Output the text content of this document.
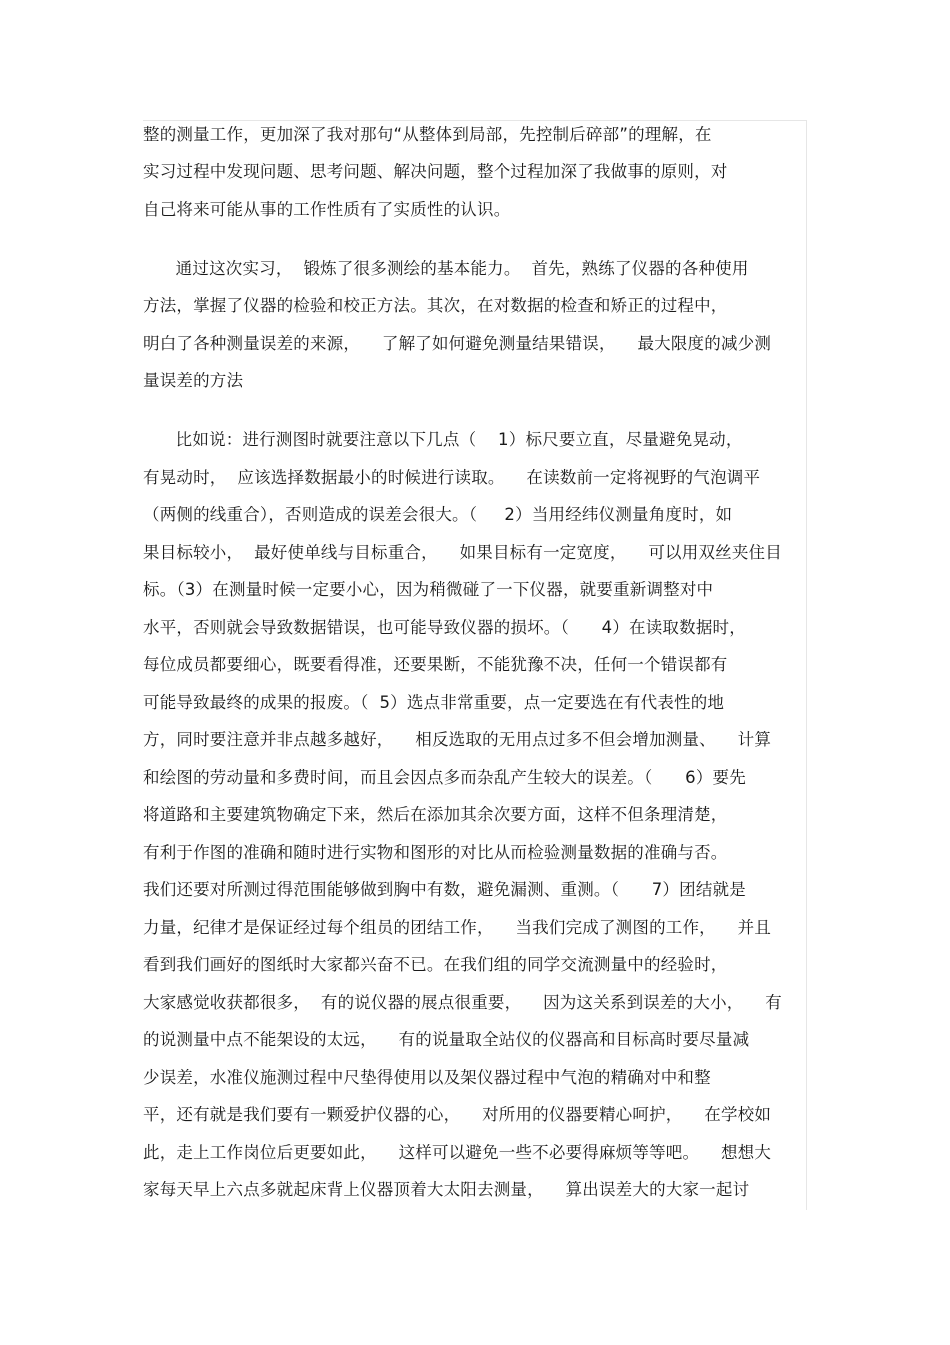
整的测量工作，更加深了我对那句“从整体到局部，先控制后碎部”的理解，在
实习过程中发现问题、思考问题、解决问题，整个过程加深了我做事的原则，对
自己将来可能从事的工作性质有了实质性的认识。
通过这次实习，  锻炼了很多测绘的基本能力。  首先，熟练了仪器的各种使用
方法，掌握了仪器的检验和校正方法。其次，在对数据的检查和矫正的过程中，
明白了各种测量误差的来源，    了解了如何避免测量结果错误，    最大限度的减少测
量误差的方法
比如说：进行测图时就要注意以下几点（    1）标尺要立直，尽量避免晃动，
有晃动时，  应该选择数据最小的时候进行读取。    在读数前一定将视野的气泡调平
（两侧的线重合），否则造成的误差会很大。（     2）当用经纬仪测量角度时，如
果目标较小，  最好使单线与目标重合，    如果目标有一定宽度，    可以用双丝夹住目
标。（3）在测量时候一定要小心，因为稍微碰了一下仪器，就要重新调整对中
水平，否则就会导致数据错误，也可能导致仪器的损坏。（      4）在读取数据时，
每位成员都要细心，既要看得准，还要果断，不能犹豫不决，任何一个错误都有
可能导致最终的成果的报废。（  5）选点非常重要，点一定要选在有代表性的地
方，同时要注意并非点越多越好，    相反选取的无用点过多不但会增加测量、    计算
和绘图的劳动量和多费时间，而且会因点多而杂乱产生较大的误差。（      6）要先
将道路和主要建筑物确定下来，然后在添加其余次要方面，这样不但条理清楚，
有利于作图的准确和随时进行实物和图形的对比从而检验测量数据的准确与否。
我们还要对所测过得范围能够做到胸中有数，避免漏测、重测。（      7）团结就是
力量，纪律才是保证经过每个组员的团结工作，    当我们完成了测图的工作，    并且
看到我们画好的图纸时大家都兴奋不已。在我们组的同学交流测量中的经验时，
大家感觉收获都很多，  有的说仪器的展点很重要，    因为这关系到误差的大小，    有
的说测量中点不能架设的太远，    有的说量取全站仪的仪器高和目标高时要尽量减
少误差，水准仪施测过程中尺垫得使用以及架仪器过程中气泡的精确对中和整
平，还有就是我们要有一颗爱护仪器的心，    对所用的仪器要精心呵护，    在学校如
此，走上工作岗位后更要如此，    这样可以避免一些不必要得麻烦等等吧。    想想大
家每天早上六点多就起床背上仪器顶着大太阳去测量，    算出误差大的大家一起讨
